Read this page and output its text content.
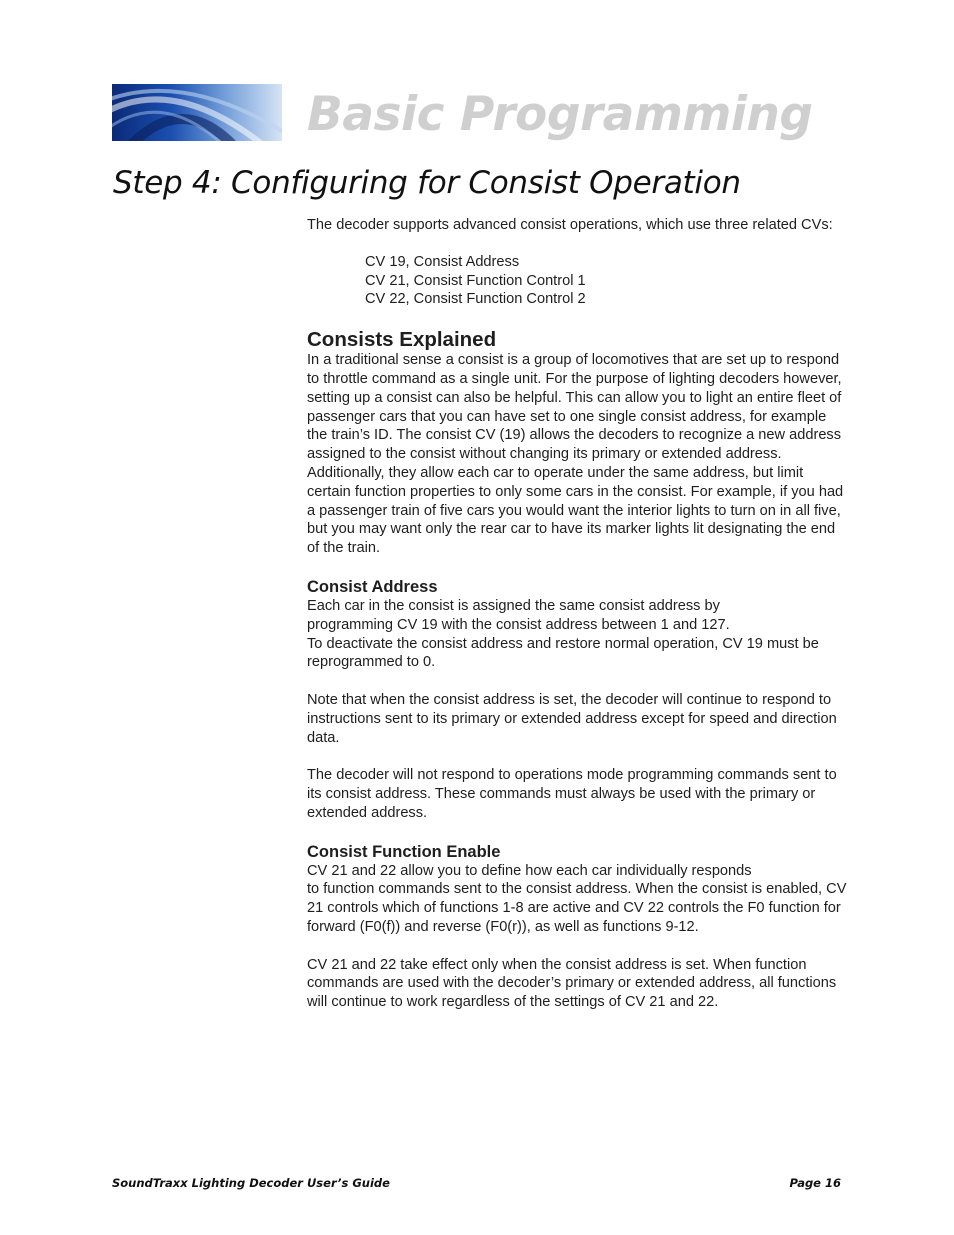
Basic Programming
Step 4: Configuring for Consist Operation

The decoder supports advanced consist operations, which use three related CVs:

CV 19, Consist Address
CV 21, Consist Function Control 1
CV 22, Consist Function Control 2
Consists Explained

In a traditional sense a consist is a group of locomotives that are set up to respond to throttle command as a single unit. For the purpose of lighting decoders however, setting up a consist can also be helpful. This can allow you to light an entire fleet of passenger cars that you can have set to one single consist address, for example the train’s ID. The consist CV (19) allows the decoders to recognize a new address assigned to the consist without changing its primary or extended address. Additionally, they allow each car to operate under the same address, but limit certain function properties to only some cars in the consist. For example, if you had a passenger train of five cars you would want the interior lights to turn on in all five, but you may want only the rear car to have its marker lights lit designating the end of the train.

Consist Address

Each car in the consist is assigned the same consist address by

programming CV 19 with the consist address between 1 and 127.

To deactivate the consist address and restore normal operation, CV 19 must be reprogrammed to 0.

Note that when the consist address is set, the decoder will continue to respond to instructions sent to its primary or extended address except for speed and direction data.

The decoder will not respond to operations mode programming commands sent to its consist address. These commands must always be used with the primary or extended address.

Consist Function Enable

CV 21 and 22 allow you to define how each car individually responds

to function commands sent to the consist address. When the consist is enabled, CV 21 controls which of functions 1-8 are active and CV 22 controls the F0 function for forward (F0(f)) and reverse (F0(r)), as well as functions 9-12.

CV 21 and 22 take effect only when the consist address is set. When function commands are used with the decoder’s primary or extended address, all functions will continue to work regardless of the settings of CV 21 and 22.

SoundTraxx Lighting Decoder User’s Guide	Page 16
